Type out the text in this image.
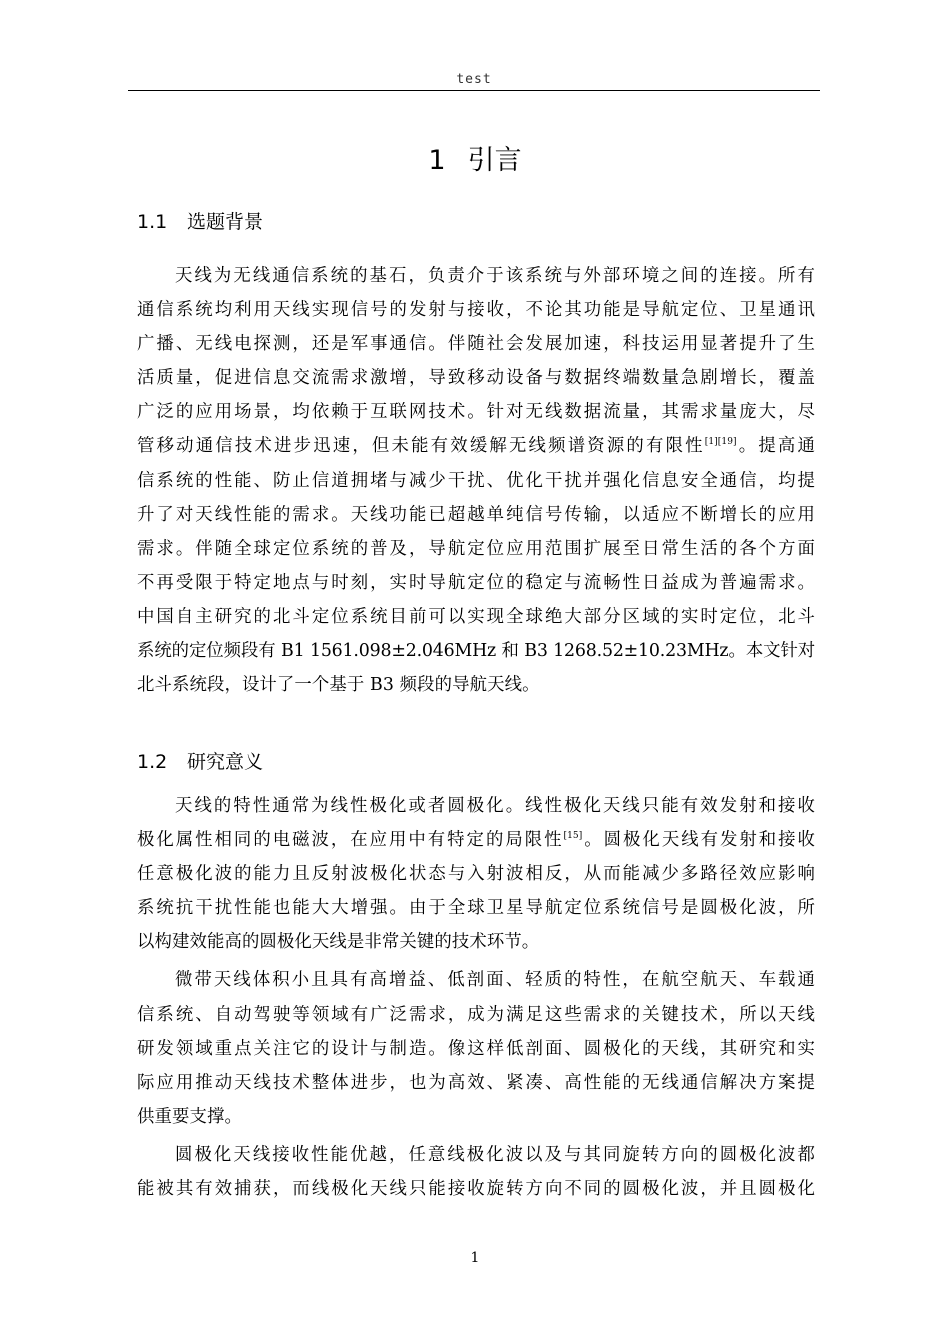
test
1 引言
1.1 选题背景

天线为无线通信系统的基石，负责介于该系统与外部环境之间的连接。所有
通信系统均利用天线实现信号的发射与接收，不论其功能是导航定位、卫星通讯
广播、无线电探测，还是军事通信。伴随社会发展加速，科技运用显著提升了生
活质量，促进信息交流需求激增，导致移动设备与数据终端数量急剧增长，覆盖
广泛的应用场景，均依赖于互联网技术。针对无线数据流量，其需求量庞大，尽
管移动通信技术进步迅速，但未能有效缓解无线频谱资源的有限性[1][19]。提高通
信系统的性能、防止信道拥堵与减少干扰、优化干扰并强化信息安全通信，均提
升了对天线性能的需求。天线功能已超越单纯信号传输，以适应不断增长的应用
需求。伴随全球定位系统的普及，导航定位应用范围扩展至日常生活的各个方面
不再受限于特定地点与时刻，实时导航定位的稳定与流畅性日益成为普遍需求。
中国自主研究的北斗定位系统目前可以实现全球绝大部分区域的实时定位，北斗
系统的定位频段有 B1 1561.098±2.046MHz 和 B3 1268.52±10.23MHz。本文针对
北斗系统段，设计了一个基于 B3 频段的导航天线。

1.2 研究意义

天线的特性通常为线性极化或者圆极化。线性极化天线只能有效发射和接收
极化属性相同的电磁波，在应用中有特定的局限性[15]。圆极化天线有发射和接收
任意极化波的能力且反射波极化状态与入射波相反，从而能减少多路径效应影响
系统抗干扰性能也能大大增强。由于全球卫星导航定位系统信号是圆极化波，所
以构建效能高的圆极化天线是非常关键的技术环节。

微带天线体积小且具有高增益、低剖面、轻质的特性，在航空航天、车载通
信系统、自动驾驶等领域有广泛需求，成为满足这些需求的关键技术，所以天线
研发领域重点关注它的设计与制造。像这样低剖面、圆极化的天线，其研究和实
际应用推动天线技术整体进步，也为高效、紧凑、高性能的无线通信解决方案提
供重要支撑。

圆极化天线接收性能优越，任意线极化波以及与其同旋转方向的圆极化波都
能被其有效捕获，而线极化天线只能接收旋转方向不同的圆极化波，并且圆极化

1
